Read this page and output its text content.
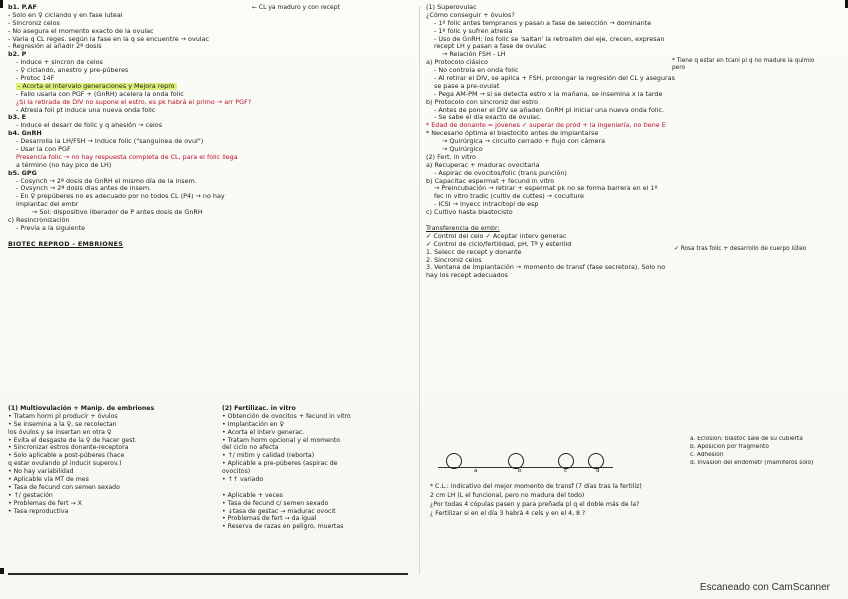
b1. P.AF
- Solo en ♀ ciclando y en fase luteal
- Sincroniz celos
- No asegura el momento exacto de la ovulac
- Varia q CL reges. según la fase en la q se encuentre → ovulac
- Regresión al añadir 2ª dosis
b2. P
- Induce + sincron de celos
- ♀ ciclando, anestro y pre-púberes
- Protoc 14F
- Acorta el intervalo generaciones y Mejora repro
- Fallo usarla con PGF + (GnRH) acelera la onda folic
¿Si la retirada de DIV no supone el estro, es pk habrá el primo → arr PGF?
- Atresia foli pt induce una nueva onda folic
b3. E
- Induce el desarr de folic y q ahesión → celos
b4. GnRH
- Desarrolla la LH/FSH → Induce folic ("sanguinea de ovul")
- Usar la con PGF
Presencia folic → no hay respuesta completa de CL, para el folic llega
a término (no hay pico de LH)
b5. GPG
- Cosynch → 2ª dosis de GnRH el mismo día de la insem.
- Ovsynch → 2ª dosis dias antes de insem.
- En ♀ prepúberes no es adecuado por no todos CL (P4) → no hay
implantac del embr
→ Sol: dispositivo liberador de P antes dosis de GnRH
c) Resincronización
- Previa a la siguiente
BIOTEC REPROD - EMBRIONES
(1) Multiovulación + Manip. de embriones
• Tratam horm pl producir + óvulos
• Se insemina a la ♀, se recolectan
los óvulos y se insertan en otra ♀
• Evita el desgaste de la ♀ de hacer gest.
• Sincronizar estros donante-receptora
• Solo aplicable a post-púberes (hace
q estar ovulando pl inducir superov.)
• No hay variabilidad
• Aplicable vía MT de mes
• Tasa de fecund con semen sexado
• ↑/ gestación
• Problemas de fert → X
• Tasa reproductiva
(2) Fertilizac. in vitro
• Obtención de ovocitos + fecund in vitro
• Implantación en ♀
• Acorta el interv generac.
• Tratam horm opcional y el momento
del ciclo no afecta
• ↑/ mitim y calidad (reborta)
• Aplicable a pre-púberes (aspirac de
ovocitos)
• ↑↑ variado
• Aplicable + veces
• Tasa de fecund c/ semen sexado
• ↓tasa de gestac → madurac ovocit
• Problemas de fert → da igual
• Reserva de razas en peligro, muertas
(1) Superovulac
¿Cómo conseguir + óvulos?
- 1º folic antes tempranos y pasan a fase de selección → dominante
- 1º folic y sufren atresia
- Uso de GnRH: los folic se 'saltan' la retroalim del eje, crecen, expresan
recept LH y pasan a fase de ovulac
→ Relación FSH - LH
a) Protocolo clásico
- No controla en onda folic
- Al retirar el DIV, se aplica + FSH, prolongar la regresión del CL y aseguras
se pase a pre-ovulat
- Pega AM-PM → si se detecta estro x la mañana, se insemina x la tarde
b) Protocolo con sincroniz del estro
- Antes de poner el DIV se añaden GnRH pl iniciar una nueva onda folic.
- Se sabe el día exacto de ovulac.
* Edad de donante = jóvenes ✓ superar de prod + la ingeniería, no tiene E
* Necesario óptima el blastocito antes de implantarse
→ Quirúrgica → circuito cerrado + flujo con cámera
→ Quirúrgico
(2) Fert. in vitro
a) Recuperac + madurac ovocitaria
- Aspirac de ovocitos/folic (trans punción)
b) Capacitac espermat + fecund in vitro
→ Preincubación → retirar + espermat pk no se forma barrera en el 1º
fec in vitro tradic (cultiv de cuttes) → coculture
- ICSI → inyecc intracitopl de esp
c) Cultivo hasta blastocisto
Transferencia de embr:
✓ Control del celo ✓ Aceptar interv generac
✓ Control de ciclo/fertilidad, pH, Tª y esterilid
1. Selecc de recept y donante
2. Sincroniz celos
3. Ventana de implantación → momento de transf (fase secretora). Solo no
hay los recept adecuados
← CL ya maduro y con recept
* Tiene q estar en tcanl pl q no madure la quimio pero
✓ Rosa tras folic + desarrollo de cuerpo lúteo
a. Eclosión: blastoc sale de su cubierta
b. Aposición por fragmento
c. Adhesión
d. Invasión del endometr (mamíferos solo)
a	b	c	d
* C.L.: indicativo del mejor momento de transf (7 días tras la fertiliz)
2 cm LH (L el funcional, pero no madura del todo)
¿Por todas 4 cópulas pasen y para preñada pl q el doble más de la?
¿ Fertilizar si en el día 3 habrá 4 cels y en el 4, 8 ?
Escaneado con CamScanner
